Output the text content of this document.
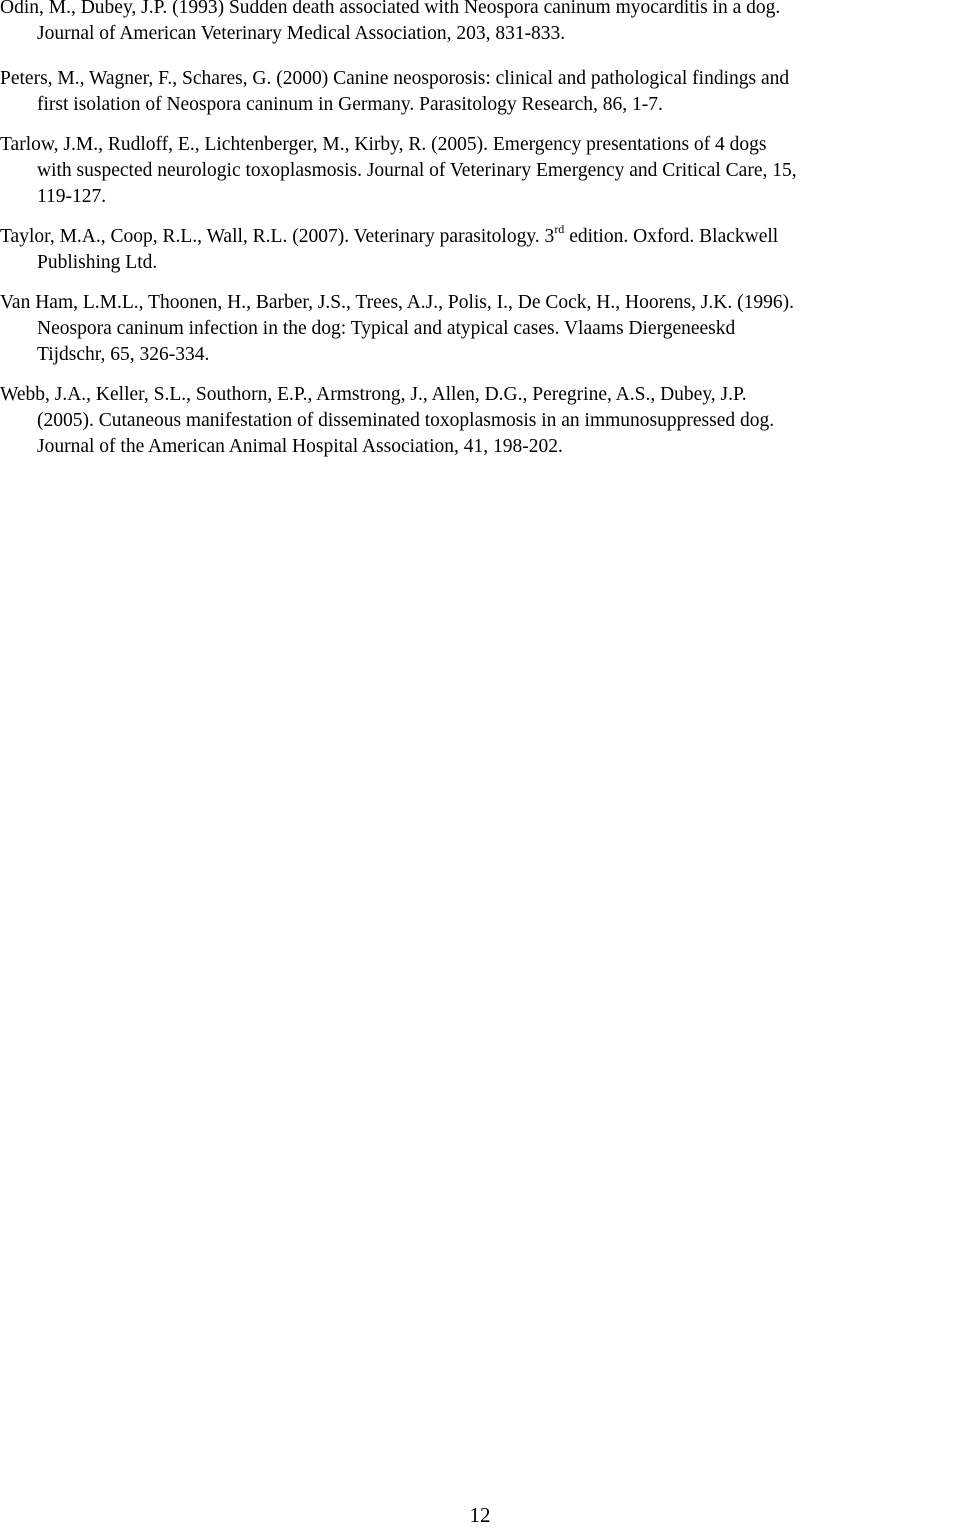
Odin, M., Dubey, J.P. (1993) Sudden death associated with Neospora caninum myocarditis in a dog.
Journal of American Veterinary Medical Association, 203, 831-833.
Peters, M., Wagner, F., Schares, G. (2000) Canine neosporosis: clinical and pathological findings and
first isolation of Neospora caninum in Germany. Parasitology Research, 86, 1-7.
Tarlow, J.M., Rudloff, E., Lichtenberger, M., Kirby, R. (2005). Emergency presentations of 4 dogs
with suspected neurologic toxoplasmosis. Journal of Veterinary Emergency and Critical Care, 15,
119-127.
Taylor, M.A., Coop, R.L., Wall, R.L. (2007). Veterinary parasitology. 3rd edition. Oxford. Blackwell
Publishing Ltd.
Van Ham, L.M.L., Thoonen, H., Barber, J.S., Trees, A.J., Polis, I., De Cock, H., Hoorens, J.K. (1996).
Neospora caninum infection in the dog: Typical and atypical cases. Vlaams Diergeneeskd
Tijdschr, 65, 326-334.
Webb, J.A., Keller, S.L., Southorn, E.P., Armstrong, J., Allen, D.G., Peregrine, A.S., Dubey, J.P.
(2005). Cutaneous manifestation of disseminated toxoplasmosis in an immunosuppressed dog.
Journal of the American Animal Hospital Association, 41, 198-202.
12
